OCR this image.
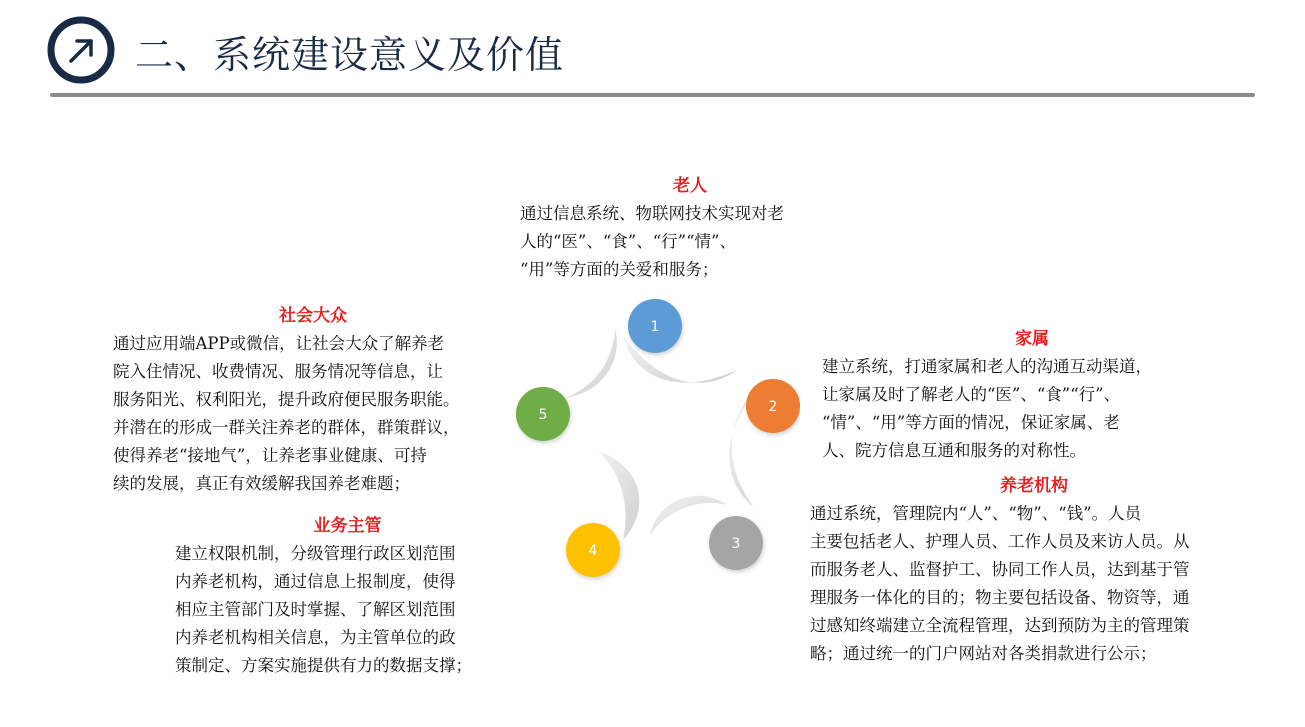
二、系统建设意义及价值
老人
通过信息系统、物联网技术实现对老
人的“医”、“食”、“行”“情”、
“用”等方面的关爱和服务；
社会大众
通过应用端APP或微信，让社会大众了解养老
院入住情况、收费情况、服务情况等信息，让
服务阳光、权利阳光，提升政府便民服务职能。
并潜在的形成一群关注养老的群体，群策群议，
使得养老“接地气”，让养老事业健康、可持
续的发展，真正有效缓解我国养老难题；
业务主管
建立权限机制，分级管理行政区划范围
内养老机构，通过信息上报制度，使得
相应主管部门及时掌握、了解区划范围
内养老机构相关信息，为主管单位的政
策制定、方案实施提供有力的数据支撑；
家属
建立系统，打通家属和老人的沟通互动渠道，
让家属及时了解老人的“医”、“食”“行”、
“情”、“用”等方面的情况，保证家属、老
人、院方信息互通和服务的对称性。
养老机构
通过系统，管理院内“人”、“物”、“钱”。人员
主要包括老人、护理人员、工作人员及来访人员。从
而服务老人、监督护工、协同工作人员，达到基于管
理服务一体化的目的；物主要包括设备、物资等，通
过感知终端建立全流程管理，达到预防为主的管理策
略；通过统一的门户网站对各类捐款进行公示；
1
2
3
4
5
